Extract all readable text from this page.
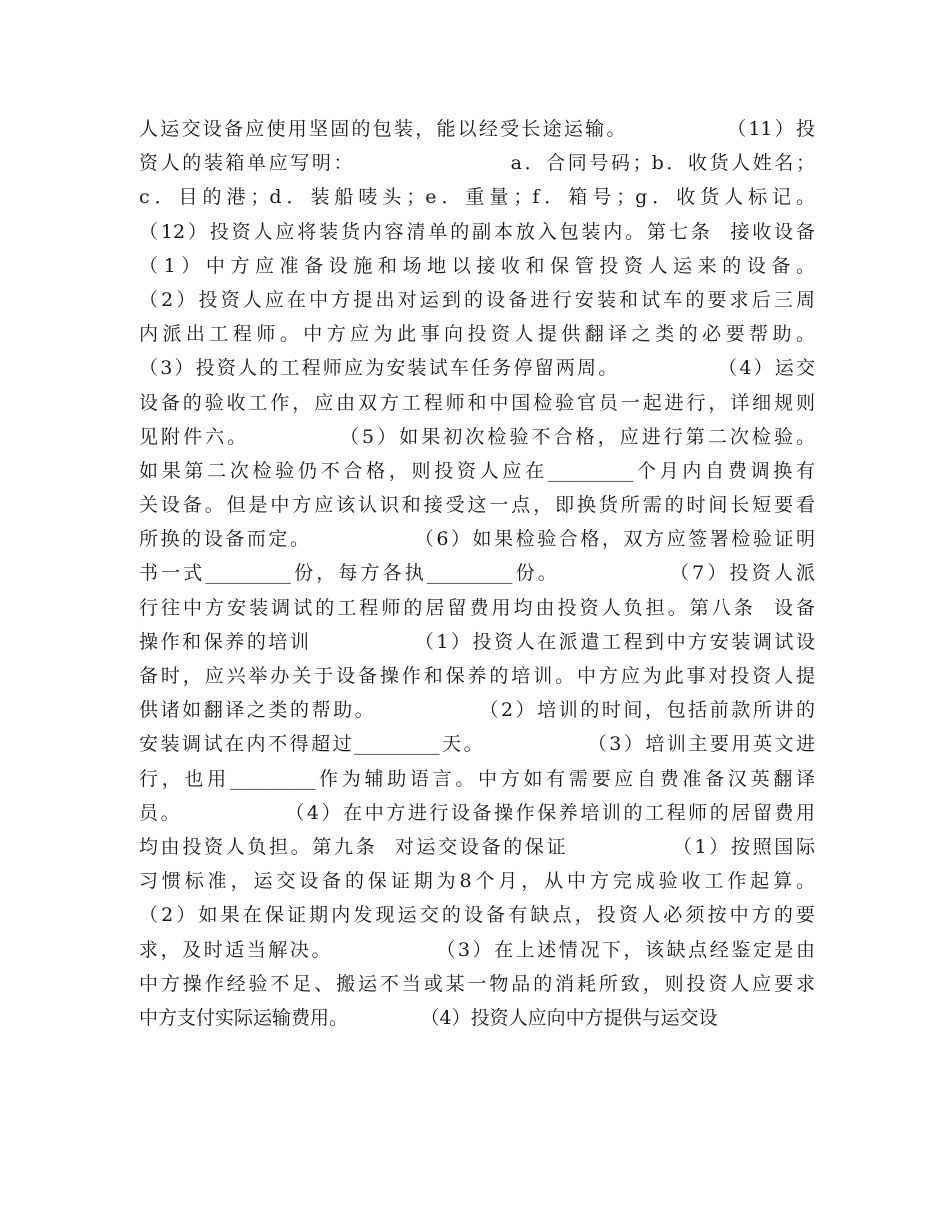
人运交设备应使用坚固的包装，能以经受长途运输。            （11）投
资人的装箱单应写明：                  a．合同号码；b．收货人姓名；
c．目的港；d．装船唛头；e．重量；f．箱号；g．收货人标记。
（12）投资人应将装货内容清单的副本放入包装内。第七条  接收设备
（1）中方应准备设施和场地以接收和保管投资人运来的设备。
（2）投资人应在中方提出对运到的设备进行安装和试车的要求后三周
内派出工程师。中方应为此事向投资人提供翻译之类的必要帮助。
（3）投资人的工程师应为安装试车任务停留两周。            （4）运交
设备的验收工作，应由双方工程师和中国检验官员一起进行，详细规则
见附件六。          （5）如果初次检验不合格，应进行第二次检验。
如果第二次检验仍不合格，则投资人应在_________个月内自费调换有
关设备。但是中方应该认识和接受这一点，即换货所需的时间长短要看
所换的设备而定。            （6）如果检验合格，双方应签署检验证明
书一式_________份，每方各执_________份。            （7）投资人派
行往中方安装调试的工程师的居留费用均由投资人负担。第八条  设备
操作和保养的培训            （1）投资人在派遣工程到中方安装调试设
备时，应兴举办关于设备操作和保养的培训。中方应为此事对投资人提
供诸如翻译之类的帮助。            （2）培训的时间，包括前款所讲的
安装调试在内不得超过_________天。            （3）培训主要用英文进
行，也用_________作为辅助语言。中方如有需要应自费准备汉英翻译
员。            （4）在中方进行设备操作保养培训的工程师的居留费用
均由投资人负担。第九条  对运交设备的保证            （1）按照国际
习惯标准，运交设备的保证期为8个月，从中方完成验收工作起算。
（2）如果在保证期内发现运交的设备有缺点，投资人必须按中方的要
求，及时适当解决。            （3）在上述情况下，该缺点经鉴定是由
中方操作经验不足、搬运不当或某一物品的消耗所致，则投资人应要求
中方支付实际运输费用。            （4）投资人应向中方提供与运交设
